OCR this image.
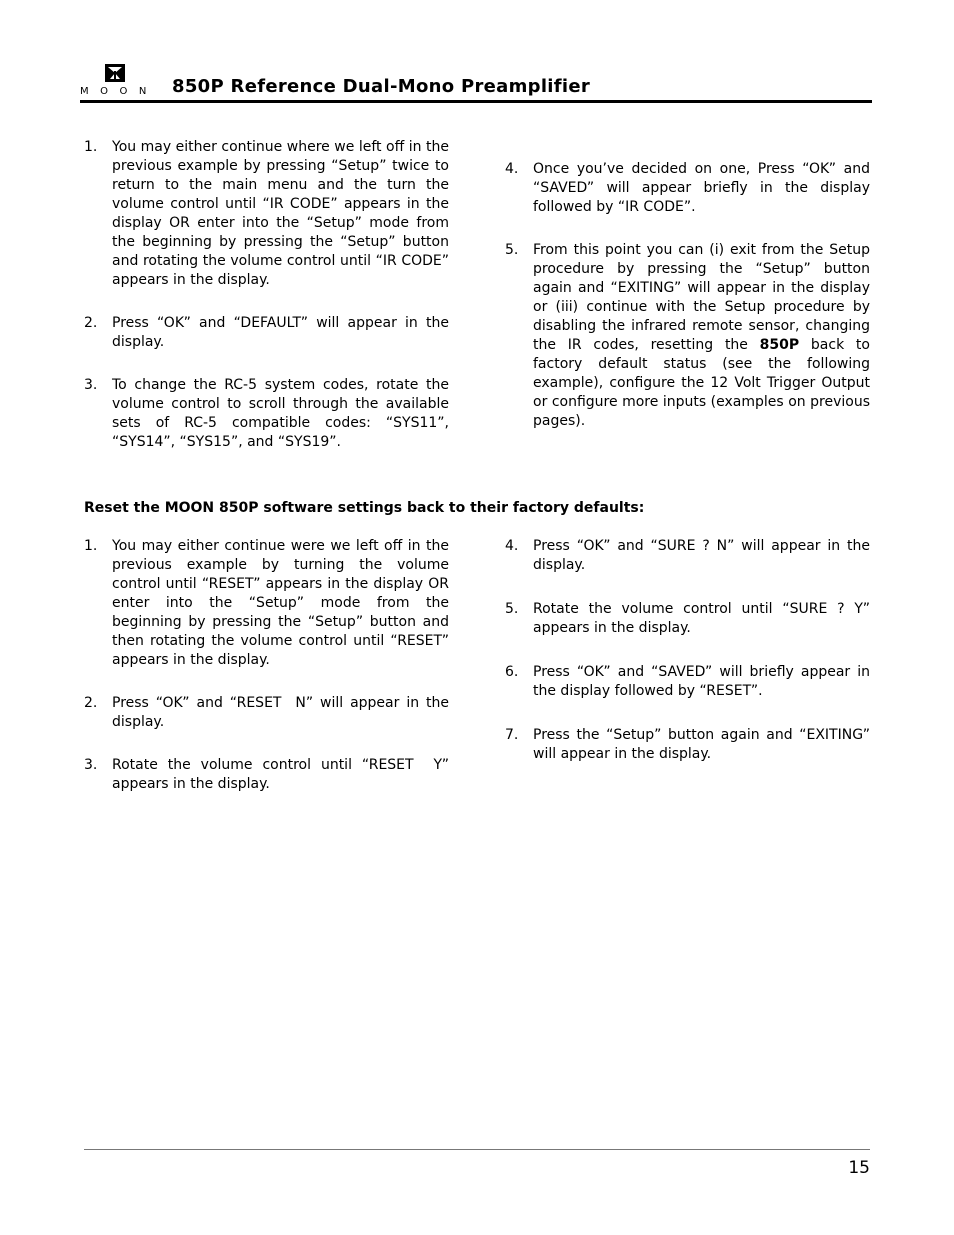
MOON 850P Reference Dual-Mono Preamplifier
1. You may either continue where we left off in the previous example by pressing “Setup” twice to return to the main menu and the turn the volume control until “IR CODE” appears in the display OR enter into the “Setup” mode from the beginning by pressing the “Setup” button and rotating the volume control until “IR CODE” appears in the display.
2. Press “OK” and “DEFAULT” will appear in the display.
3. To change the RC-5 system codes, rotate the volume control to scroll through the available sets of RC-5 compatible codes: “SYS11”, “SYS14”, “SYS15”, and “SYS19”.
4. Once you’ve decided on one, Press “OK” and “SAVED” will appear briefly in the display followed by “IR CODE”.
5. From this point you can (i) exit from the Setup procedure by pressing the “Setup” button again and “EXITING” will appear in the display or (iii) continue with the Setup procedure by disabling the infrared remote sensor, changing the IR codes, resetting the 850P back to factory default status (see the following example), configure the 12 Volt Trigger Output or configure more inputs (examples on previous pages).
Reset the MOON 850P software settings back to their factory defaults:
1. You may either continue were we left off in the previous example by turning the volume control until “RESET” appears in the display OR enter into the “Setup” mode from the beginning by pressing the “Setup” button and then rotating the volume control until “RESET” appears in the display.
2. Press “OK” and “RESET  N” will appear in the display.
3. Rotate the volume control until “RESET  Y” appears in the display.
4. Press “OK” and “SURE ? N” will appear in the display.
5. Rotate the volume control until “SURE ? Y” appears in the display.
6. Press “OK” and “SAVED” will briefly appear in the display followed by “RESET”.
7. Press the “Setup” button again and “EXITING” will appear in the display.
15
